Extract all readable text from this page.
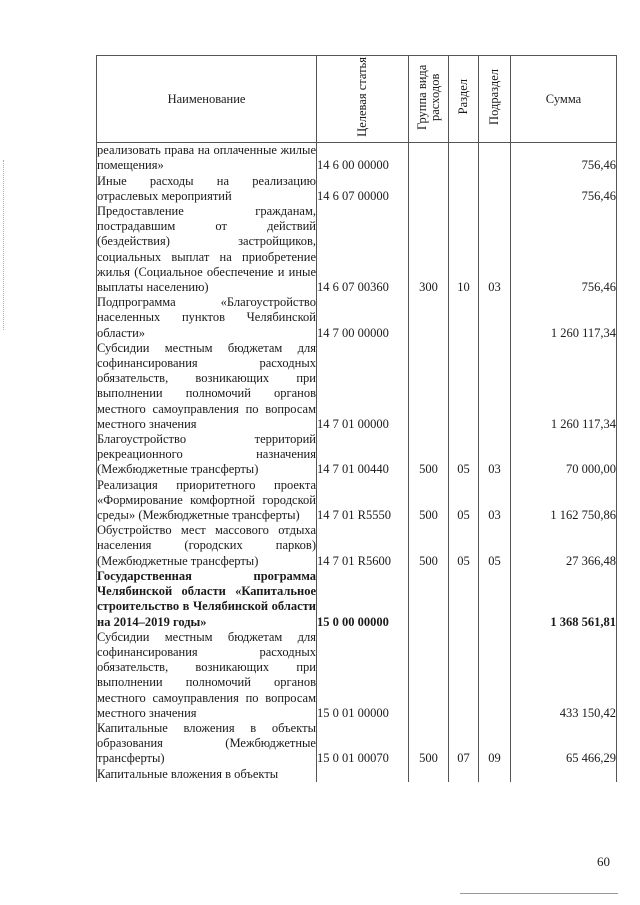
Наименование	Целевая статья	Группа вида расходов	Раздел	Подраздел	Сумма
реализовать права на оплаченные жилые помещения»	14 6 00 00000				756,46
Иные расходы на реализацию отраслевых мероприятий	14 6 07 00000				756,46
Предоставление гражданам, пострадавшим от действий (бездействия) застройщиков, социальных выплат на приобретение жилья (Социальное обеспечение и иные выплаты населению)	14 6 07 00360	300	10	03	756,46
Подпрограмма «Благоустройство населенных пунктов Челябинской области»	14 7 00 00000				1 260 117,34
Субсидии местным бюджетам для софинансирования расходных обязательств, возникающих при выполнении полномочий органов местного самоуправления по вопросам местного значения	14 7 01 00000				1 260 117,34
Благоустройство территорий рекреационного назначения (Межбюджетные трансферты)	14 7 01 00440	500	05	03	70 000,00
Реализация приоритетного проекта «Формирование комфортной городской среды» (Межбюджетные трансферты)	14 7 01 R5550	500	05	03	1 162 750,86
Обустройство мест массового отдыха населения (городских парков) (Межбюджетные трансферты)	14 7 01 R5600	500	05	05	27 366,48
Государственная программа Челябинской области «Капитальное строительство в Челябинской области на 2014–2019 годы»	15 0 00 00000				1 368 561,81
Субсидии местным бюджетам для софинансирования расходных обязательств, возникающих при выполнении полномочий органов местного самоуправления по вопросам местного значения	15 0 01 00000				433 150,42
Капитальные вложения в объекты образования (Межбюджетные трансферты)	15 0 01 00070	500	07	09	65 466,29
Капитальные вложения в объекты					
60
